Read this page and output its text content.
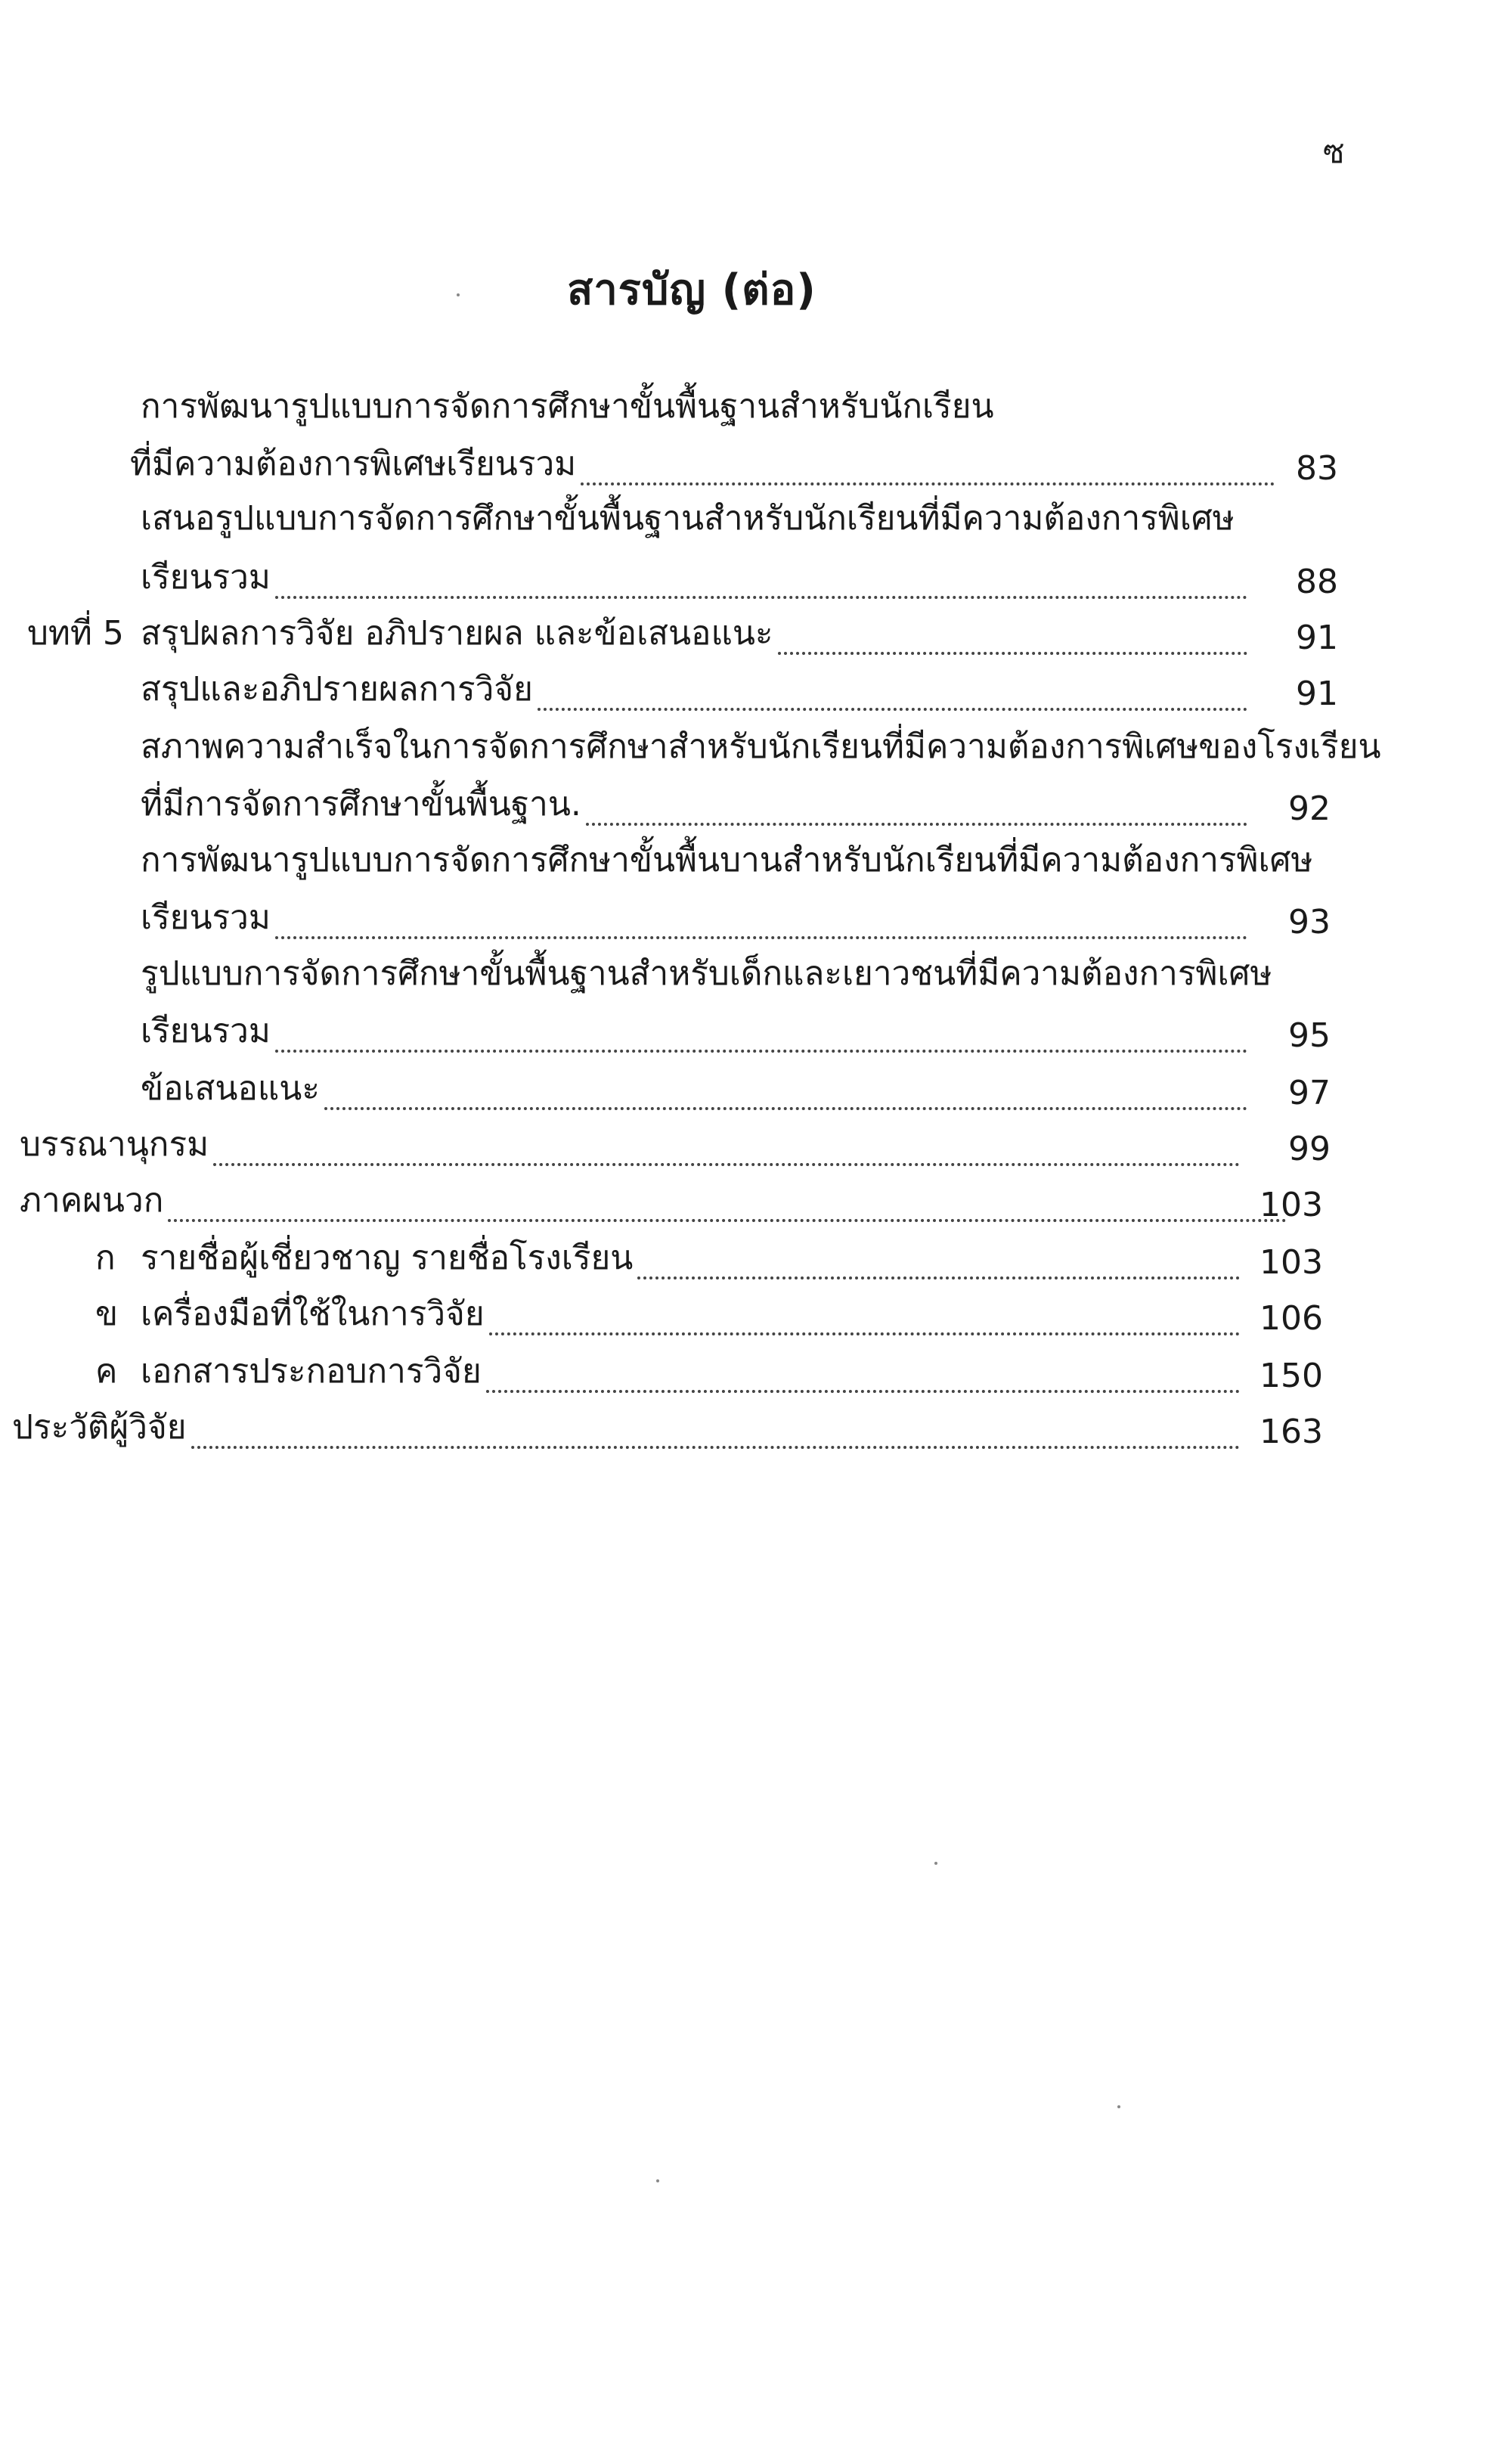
ซ
สารบัญ (ต่อ)
การพัฒนารูปแบบการจัดการศึกษาขั้นพื้นฐานสำหรับนักเรียน
ที่มีความต้องการพิเศษเรียนรวม	83
เสนอรูปแบบการจัดการศึกษาขั้นพื้นฐานสำหรับนักเรียนที่มีความต้องการพิเศษ
เรียนรวม	88
บทที่ 5 สรุปผลการวิจัย อภิปรายผล และข้อเสนอแนะ	91
สรุปและอภิปรายผลการวิจัย	91
สภาพความสำเร็จในการจัดการศึกษาสำหรับนักเรียนที่มีความต้องการพิเศษของโรงเรียน
ที่มีการจัดการศึกษาขั้นพื้นฐาน.	92
การพัฒนารูปแบบการจัดการศึกษาขั้นพื้นบานสำหรับนักเรียนที่มีความต้องการพิเศษ
เรียนรวม	93
รูปแบบการจัดการศึกษาขั้นพื้นฐานสำหรับเด็กและเยาวชนที่มีความต้องการพิเศษ
เรียนรวม	95
ข้อเสนอแนะ	97
บรรณานุกรม	99
ภาคผนวก	103
ก รายชื่อผู้เชี่ยวชาญ รายชื่อโรงเรียน	103
ข เครื่องมือที่ใช้ในการวิจัย	106
ค เอกสารประกอบการวิจัย	150
ประวัติผู้วิจัย	163
